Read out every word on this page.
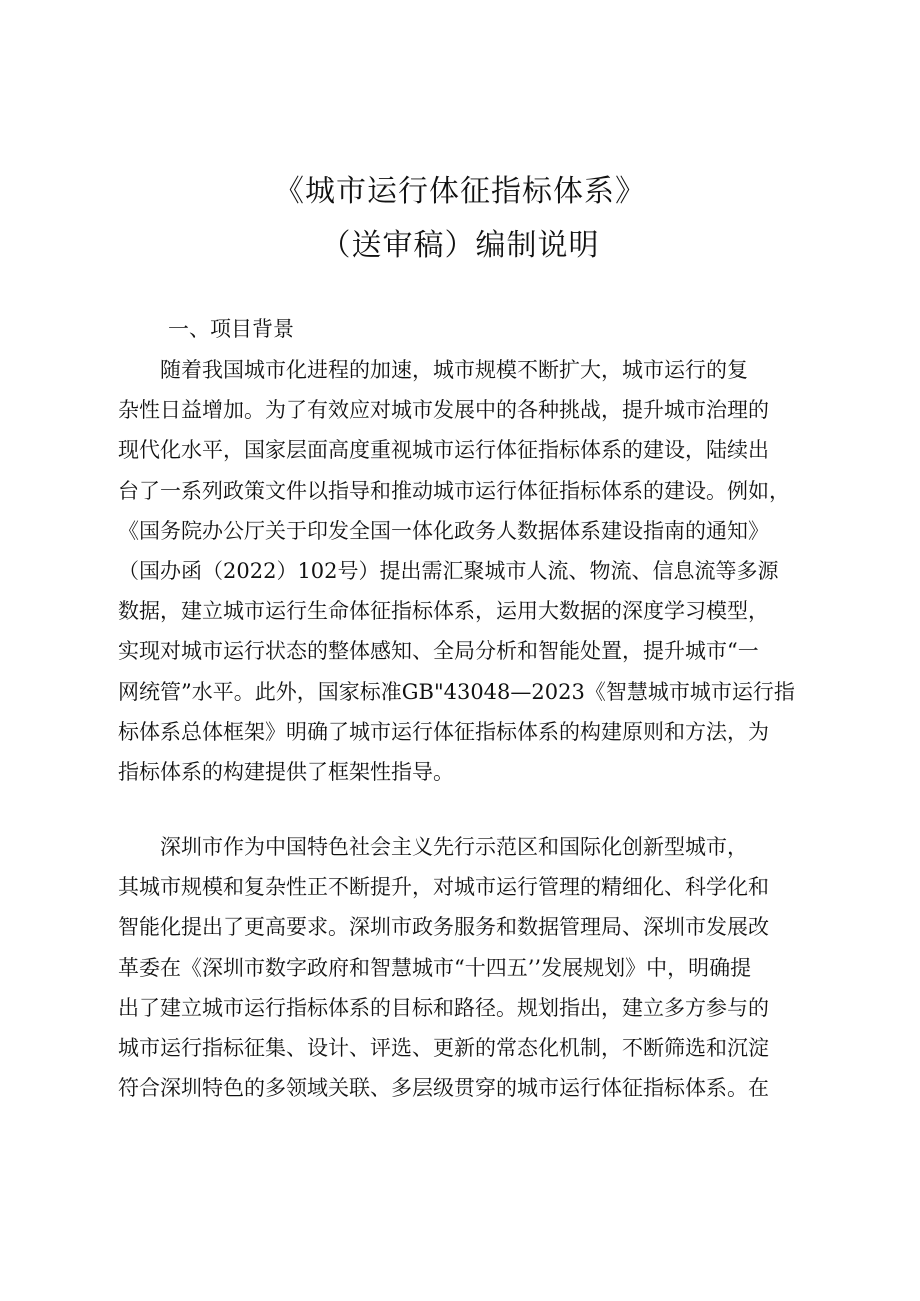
《城市运行体征指标体系》
（送审稿）编制说明
一、项目背景
　　随着我国城市化进程的加速，城市规模不断扩大，城市运行的复
杂性日益增加。为了有效应对城市发展中的各种挑战，提升城市治理的
现代化水平，国家层面高度重视城市运行体征指标体系的建设，陆续出
台了一系列政策文件以指导和推动城市运行体征指标体系的建设。例如，
《国务院办公厅关于印发全国一体化政务人数据体系建设指南的通知》
（国办函（2022）102号）提出需汇聚城市人流、物流、信息流等多源
数据，建立城市运行生命体征指标体系，运用大数据的深度学习模型，
实现对城市运行状态的整体感知、全局分析和智能处置，提升城市“一
网统管”水平。此外，国家标准GB"43048—2023《智慧城市城市运行指
标体系总体框架》明确了城市运行体征指标体系的构建原则和方法，为
指标体系的构建提供了框架性指导。
　　深圳市作为中国特色社会主义先行示范区和国际化创新型城市，
其城市规模和复杂性正不断提升，对城市运行管理的精细化、科学化和
智能化提出了更高要求。深圳市政务服务和数据管理局、深圳市发展改
革委在《深圳市数字政府和智慧城市“十四五’’发展规划》中，明确提
出了建立城市运行指标体系的目标和路径。规划指出，建立多方参与的
城市运行指标征集、设计、评选、更新的常态化机制，不断筛选和沉淀
符合深圳特色的多领域关联、多层级贯穿的城市运行体征指标体系。在
